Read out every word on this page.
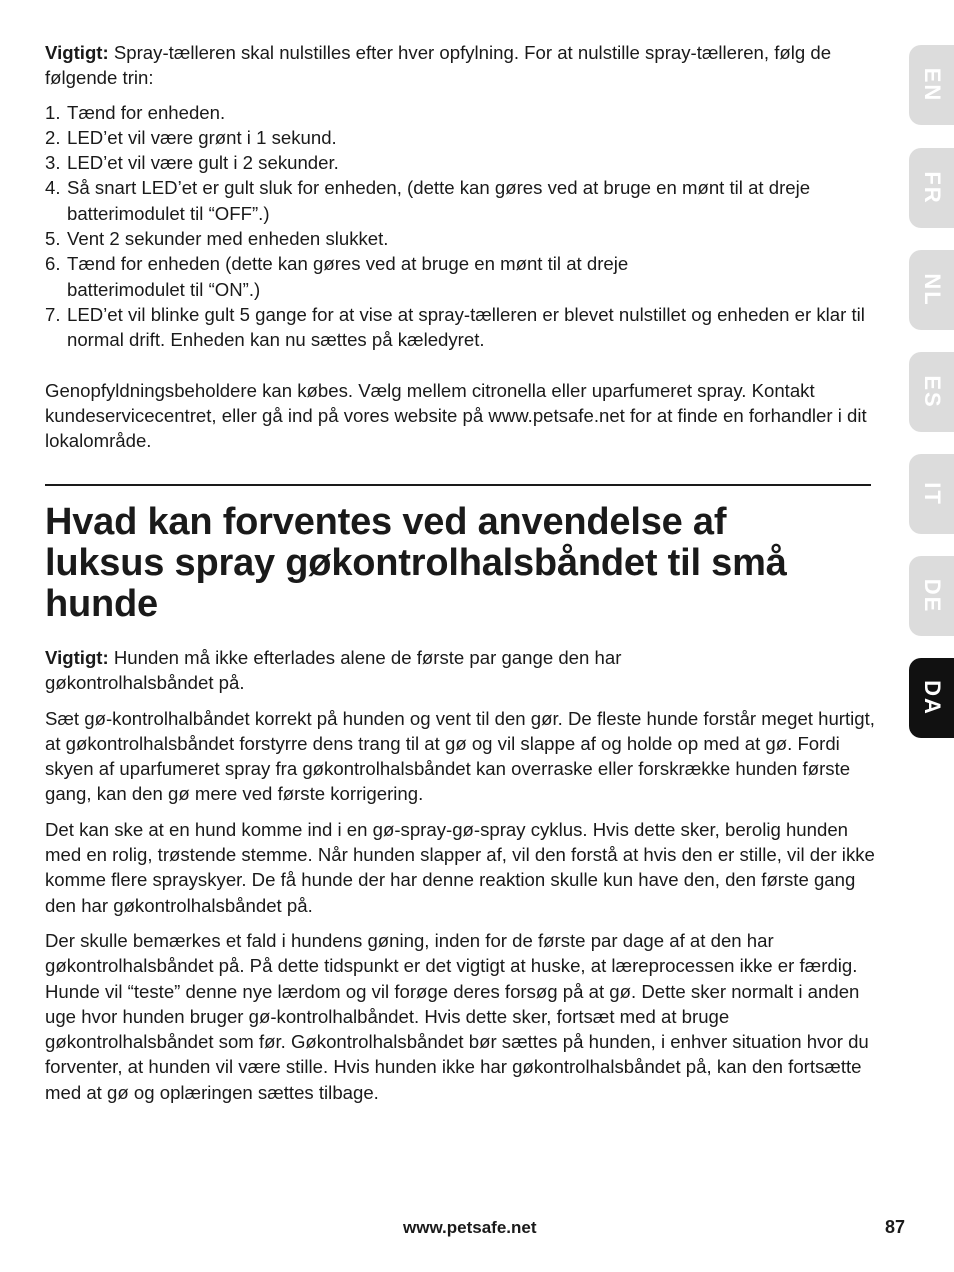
Vigtigt: Spray-tælleren skal nulstilles efter hver opfylning. For at nulstille spray-tælleren, følg de følgende trin:

1. Tænd for enheden.
2. LED’et vil være grønt i 1 sekund.
3. LED’et vil være gult i 2 sekunder.
4. Så snart LED’et er gult sluk for enheden, (dette kan gøres ved at bruge en mønt til at dreje batterimodulet til “OFF”.)
5. Vent 2 sekunder med enheden slukket.
6. Tænd for enheden (dette kan gøres ved at bruge en mønt til at dreje batterimodulet til “ON”.)
7. LED’et vil blinke gult 5 gange for at vise at spray-tælleren er blevet nulstillet og enheden er klar til normal drift. Enheden kan nu sættes på kæledyret.

Genopfyldningsbeholdere kan købes. Vælg mellem citronella eller uparfumeret spray. Kontakt kundeservicecentret, eller gå ind på vores website på www.petsafe.net for at finde en forhandler i dit lokalområde.

Hvad kan forventes ved anvendelse af luksus spray gøkontrolhalsbåndet til små hunde

Vigtigt: Hunden må ikke efterlades alene de første par gange den har gøkontrolhalsbåndet på.

Sæt gø-kontrolhalbåndet korrekt på hunden og vent til den gør. De fleste hunde forstår meget hurtigt, at gøkontrolhalsbåndet forstyrre dens trang til at gø og vil slappe af og holde op med at gø. Fordi skyen af uparfumeret spray fra gøkontrolhalsbåndet kan overraske eller forskrække hunden første gang, kan den gø mere ved første korrigering.

Det kan ske at en hund komme ind i en gø-spray-gø-spray cyklus. Hvis dette sker, berolig hunden med en rolig, trøstende stemme. Når hunden slapper af, vil den forstå at hvis den er stille, vil der ikke komme flere sprayskyer. De få hunde der har denne reaktion skulle kun have den, den første gang den har gøkontrolhalsbåndet på.

Der skulle bemærkes et fald i hundens gøning, inden for de første par dage af at den har gøkontrolhalsbåndet på. På dette tidspunkt er det vigtigt at huske, at læreprocessen ikke er færdig. Hunde vil “teste” denne nye lærdom og vil forøge deres forsøg på at gø. Dette sker normalt i anden uge hvor hunden bruger gø-kontrolhalbåndet. Hvis dette sker, fortsæt med at bruge gøkontrolhalsbåndet som før. Gøkontrolhalsbåndet bør sættes på hunden, i enhver situation hvor du forventer, at hunden vil være stille. Hvis hunden ikke har gøkontrolhalsbåndet på, kan den fortsætte med at gø og oplæringen sættes tilbage.

EN
FR
NL
ES
IT
DE
DA
www.petsafe.net	87
